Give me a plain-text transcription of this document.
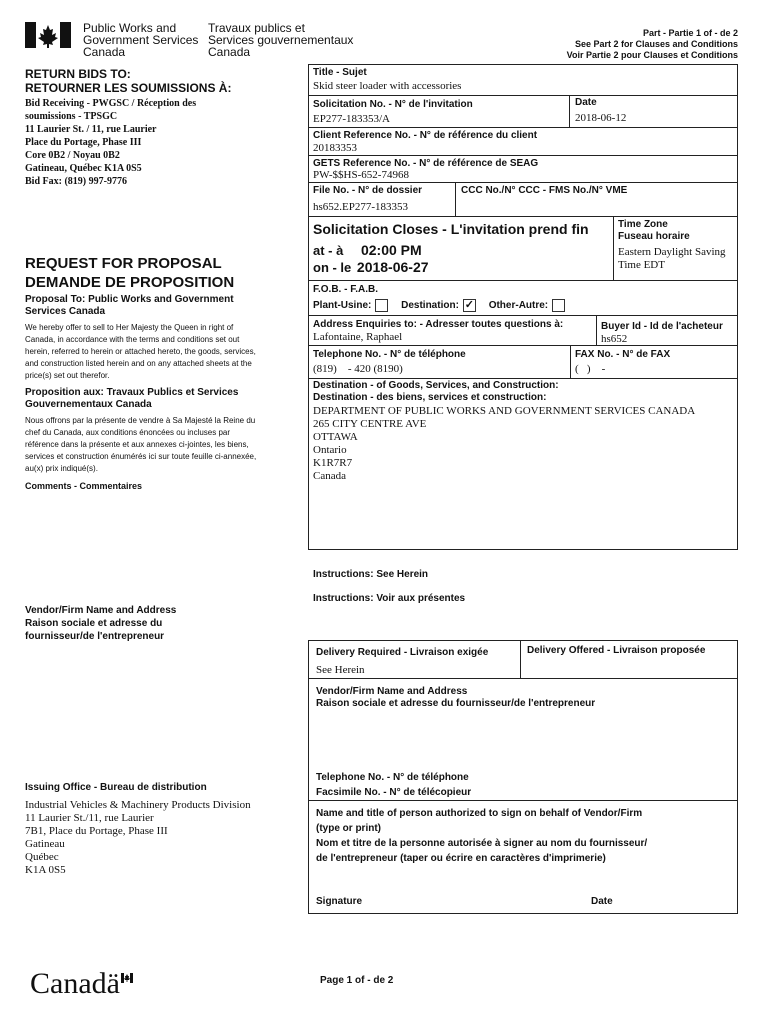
Public Works and
Government Services
Canada
Travaux publics et
Services gouvernementaux
Canada
Part - Partie 1 of - de 2
See Part 2 for Clauses and Conditions
Voir Partie 2 pour Clauses et Conditions
RETURN BIDS TO:
RETOURNER LES SOUMISSIONS À:
Bid Receiving - PWGSC / Réception des
soumissions - TPSGC
11 Laurier St. / 11, rue Laurier
Place du Portage, Phase III
Core 0B2 / Noyau 0B2
Gatineau, Québec K1A 0S5
Bid Fax: (819) 997-9776
REQUEST FOR PROPOSAL
DEMANDE DE PROPOSITION
Proposal To: Public Works and Government Services Canada
We hereby offer to sell to Her Majesty the Queen in right of Canada, in accordance with the terms and conditions set out herein, referred to herein or attached hereto, the goods, services, and construction listed herein and on any attached sheets at the price(s) set out therefor.
Proposition aux: Travaux Publics et Services Gouvernementaux Canada
Nous offrons par la présente de vendre à Sa Majesté la Reine du chef du Canada, aux conditions énoncées ou incluses par référence dans la présente et aux annexes ci-jointes, les biens, services et construction énumérés ici sur toute feuille ci-annexée, au(x) prix indiqué(s).
Comments - Commentaires
Vendor/Firm Name and Address
Raison sociale et adresse du
fournisseur/de l'entrepreneur
Issuing Office - Bureau de distribution
Industrial Vehicles & Machinery Products Division
11 Laurier St./11, rue Laurier
7B1, Place du Portage, Phase III
Gatineau
Québec
K1A 0S5
Title - Sujet
Skid steer loader with accessories
Solicitation No. - N° de l'invitation
EP277-183353/A
Date
2018-06-12
Client Reference No. - N° de référence du client
20183353
GETS Reference No. - N° de référence de SEAG
PW-$$HS-652-74968
File No. - N° de dossier
hs652.EP277-183353
CCC No./N° CCC - FMS No./N° VME
Solicitation Closes - L'invitation prend fin
at - à 02:00 PM
on - le 2018-06-27
Time Zone
Fuseau horaire
Eastern Daylight Saving
Time EDT
F.O.B. - F.A.B.
Plant-Usine:	Destination: ✓ Other-Autre:
Address Enquiries to: - Adresser toutes questions à:
Lafontaine, Raphael
Buyer Id - Id de l'acheteur
hs652
Telephone No. - N° de téléphone
(819)    - 420 (8190)
FAX No. - N° de FAX
(   )    -
Destination - of Goods, Services, and Construction:
Destination - des biens, services et construction:
DEPARTMENT OF PUBLIC WORKS AND GOVERNMENT SERVICES CANADA
265 CITY CENTRE AVE
OTTAWA
Ontario
K1R7R7
Canada
Instructions: See Herein
Instructions: Voir aux présentes
Delivery Required - Livraison exigée
See Herein
Delivery Offered - Livraison proposée
Vendor/Firm Name and Address
Raison sociale et adresse du fournisseur/de l'entrepreneur
Telephone No. - N° de téléphone
Facsimile No. - N° de télécopieur
Name and title of person authorized to sign on behalf of Vendor/Firm
(type or print)
Nom et titre de la personne autorisée à signer au nom du fournisseur/
de l'entrepreneur (taper ou écrire en caractères d'imprimerie)
Signature	Date
Canadä	Page 1 of - de 2
